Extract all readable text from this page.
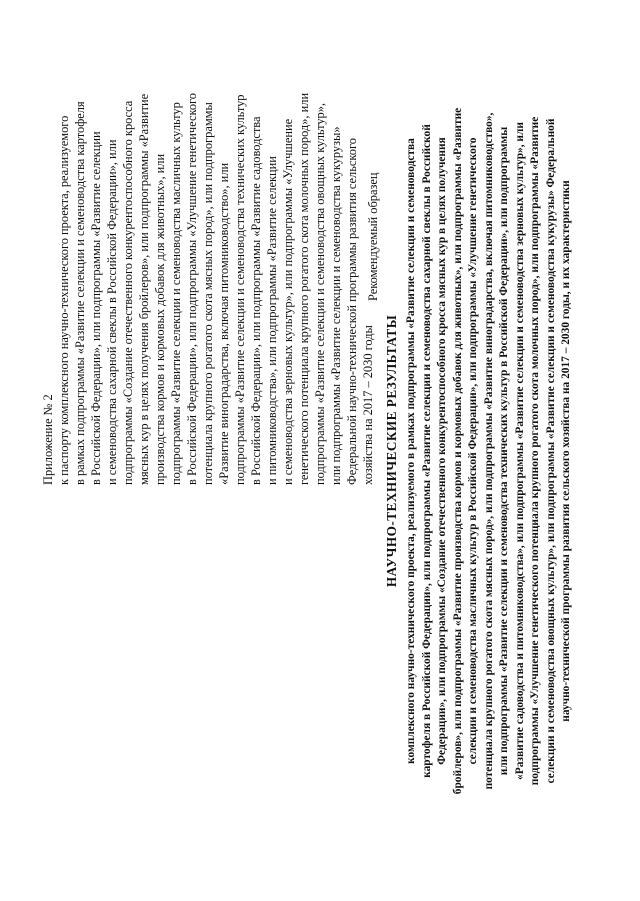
Приложение № 2 к паспорту комплексного научно-технического проекта, реализуемого в рамках подпрограммы «Развитие селекции и семеноводства картофеля в Российской Федерации», или подпрограммы «Развитие селекции и семеноводства сахарной свеклы в Российской Федерации», или подпрограммы «Создание отечественного конкурентоспособного кросса мясных кур в целях получения бройлеров», или подпрограммы «Развитие производства кормов и кормовых добавок для животных», или подпрограммы «Развитие селекции и семеноводства масличных культур в Российской Федерации», или подпрограммы «Улучшение генетического потенциала крупного рогатого скота мясных пород», или подпрограммы «Развитие виноградарства, включая питомниководство», или подпрограммы «Развитие селекции и семеноводства технических культур в Российской Федерации», или подпрограммы «Развитие садоводства и питомниководства», или подпрограммы «Развитие селекции и семеноводства зерновых культур», или подпрограммы «Улучшение генетического потенциала крупного рогатого скота молочных пород», или подпрограммы «Развитие селекции и семеноводства овощных культур», или подпрограммы «Развитие селекции и семеноводства кукурузы» Федеральной научно-технической программы развития сельского хозяйства на 2017 – 2030 годы
Рекомендуемый образец
НАУЧНО-ТЕХНИЧЕСКИЕ РЕЗУЛЬТАТЫ комплексного научно-технического проекта, реализуемого в рамках подпрограммы «Развитие селекции и семеноводства картофеля в Российской Федерации», или подпрограммы «Развитие селекции и семеноводства сахарной свеклы в Российской Федерации», или подпрограммы «Создание отечественного конкурентоспособного кросса мясных кур в целях получения бройлеров», или подпрограммы «Развитие производства кормов и кормовых добавок для животных», или подпрограммы «Развитие селекции и семеноводства масличных культур в Российской Федерации», или подпрограммы «Улучшение генетического потенциала крупного рогатого скота мясных пород», или подпрограммы «Развитие виноградарства, включая питомниководство», или подпрограммы «Развитие селекции и семеноводства технических культур в Российской Федерации», или подпрограммы «Развитие садоводства и питомниководства», или подпрограммы «Развитие селекции и семеноводства зерновых культур», или подпрограммы «Улучшение генетического потенциала крупного рогатого скота молочных пород», или подпрограммы «Развитие селекции и семеноводства овощных культур», или подпрограммы «Развитие селекции и семеноводства кукурузы» Федеральной научно-технической программы развития сельского хозяйства на 2017 – 2030 годы, и их характеристики
